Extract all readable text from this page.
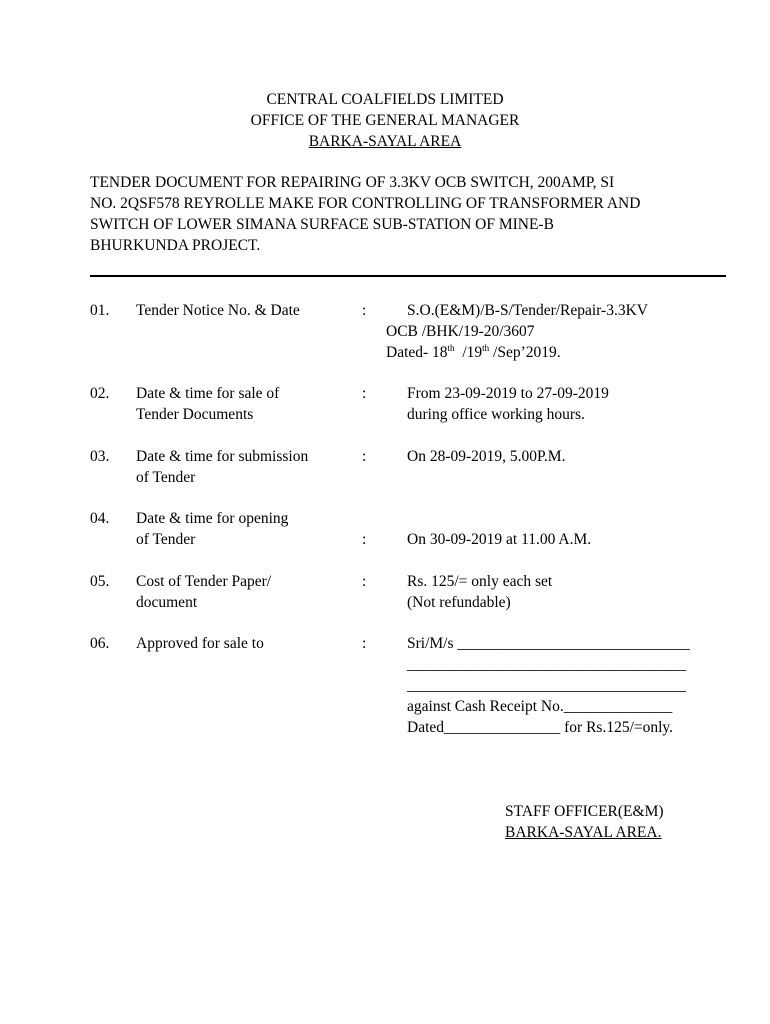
CENTRAL COALFIELDS LIMITED
OFFICE OF THE GENERAL MANAGER
BARKA-SAYAL AREA
TENDER DOCUMENT FOR REPAIRING OF 3.3KV OCB SWITCH, 200AMP, SI
NO. 2QSF578 REYROLLE MAKE FOR CONTROLLING OF TRANSFORMER AND
SWITCH OF LOWER SIMANA SURFACE SUB-STATION OF MINE-B
BHURKUNDA PROJECT.
01. Tender Notice No. & Date	:	S.O.(E&M)/B-S/Tender/Repair-3.3KV
OCB /BHK/19-20/3607
Dated- 18th  /19th /Sep’2019.
02. Date & time for sale of
Tender Documents
:	From 23-09-2019 to 27-09-2019
during office working hours.
03. Date & time for submission
of Tender
:	On 28-09-2019, 5.00P.M.
04. Date & time for opening
of Tender	:	On 30-09-2019 at 11.00 A.M.
05. Cost of Tender Paper/
document
:	Rs. 125/= only each set
(Not refundable)
06. Approved for sale to	:	Sri/M/s ______________________________
____________________________________
____________________________________
against Cash Receipt No.______________
Dated_______________ for Rs.125/=only.
STAFF OFFICER(E&M)
BARKA-SAYAL AREA.
